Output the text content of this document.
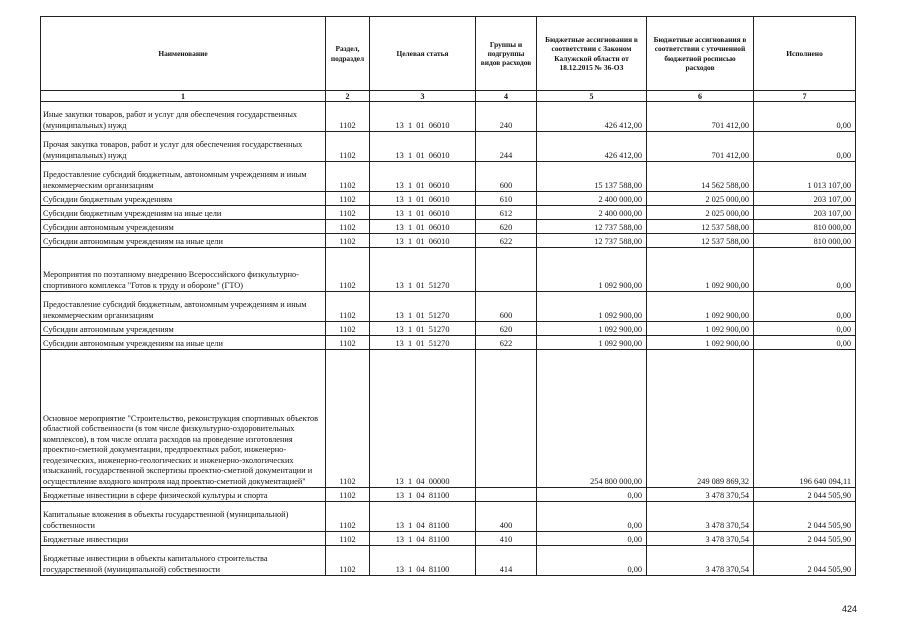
Наименование	Раздел, подраздел	Целевая статья	Группы и подгруппы видов расходов	Бюджетные ассигнования в соответствии с Законом Калужской области от 18.12.2015 № 36-ОЗ	Бюджетные ассигнования в соответствии с уточненной бюджетной росписью расходов	Исполнено
1	2	3	4	5	6	7
Иные закупки товаров, работ и услуг для обеспечения государственных (муниципальных) нужд	1102	13  1  01  06010	240	426 412,00	701 412,00	0,00
Прочая закупка товаров, работ и услуг для обеспечения государственных (муниципальных) нужд	1102	13  1  01  06010	244	426 412,00	701 412,00	0,00
Предоставление субсидий бюджетным, автономным учреждениям и иным некоммерческим организациям	1102	13  1  01  06010	600	15 137 588,00	14 562 588,00	1 013 107,00
Субсидии бюджетным учреждениям	1102	13  1  01  06010	610	2 400 000,00	2 025 000,00	203 107,00
Субсидии бюджетным учреждениям на иные цели	1102	13  1  01  06010	612	2 400 000,00	2 025 000,00	203 107,00
Субсидии автономным учреждениям	1102	13  1  01  06010	620	12 737 588,00	12 537 588,00	810 000,00
Субсидии автономным учреждениям на иные цели	1102	13  1  01  06010	622	12 737 588,00	12 537 588,00	810 000,00
Мероприятия по поэтапному внедрению Всероссийского физкультурно-спортивного комплекса "Готов к труду и обороне" (ГТО)	1102	13  1  01  51270		1 092 900,00	1 092 900,00	0,00
Предоставление субсидий бюджетным, автономным учреждениям и иным некоммерческим организациям	1102	13  1  01  51270	600	1 092 900,00	1 092 900,00	0,00
Субсидии автономным учреждениям	1102	13  1  01  51270	620	1 092 900,00	1 092 900,00	0,00
Субсидии автономным учреждениям на иные цели	1102	13  1  01  51270	622	1 092 900,00	1 092 900,00	0,00
Основное мероприятие "Строительство, реконструкция спортивных объектов областной собственности (в том числе физкультурно-оздоровительных комплексов), в том числе оплата расходов на проведение изготовления проектно-сметной документации, предпроектных работ, инженерно-геодезических, инженерно-геологических и инженерно-экологических изысканий, государственной экспертизы проектно-сметной документации и осуществление входного контроля над проектно-сметной документацией"	1102	13  1  04  00000		254 800 000,00	249 089 869,32	196 640 094,11
Бюджетные инвестиции в сфере физической культуры и спорта	1102	13  1  04  81100		0,00	3 478 370,54	2 044 505,90
Капитальные вложения в объекты государственной (муниципальной) собственности	1102	13  1  04  81100	400	0,00	3 478 370,54	2 044 505,90
Бюджетные инвестиции	1102	13  1  04  81100	410	0,00	3 478 370,54	2 044 505,90
Бюджетные инвестиции в объекты капитального строительства государственной (муниципальной) собственности	1102	13  1  04  81100	414	0,00	3 478 370,54	2 044 505,90
424
